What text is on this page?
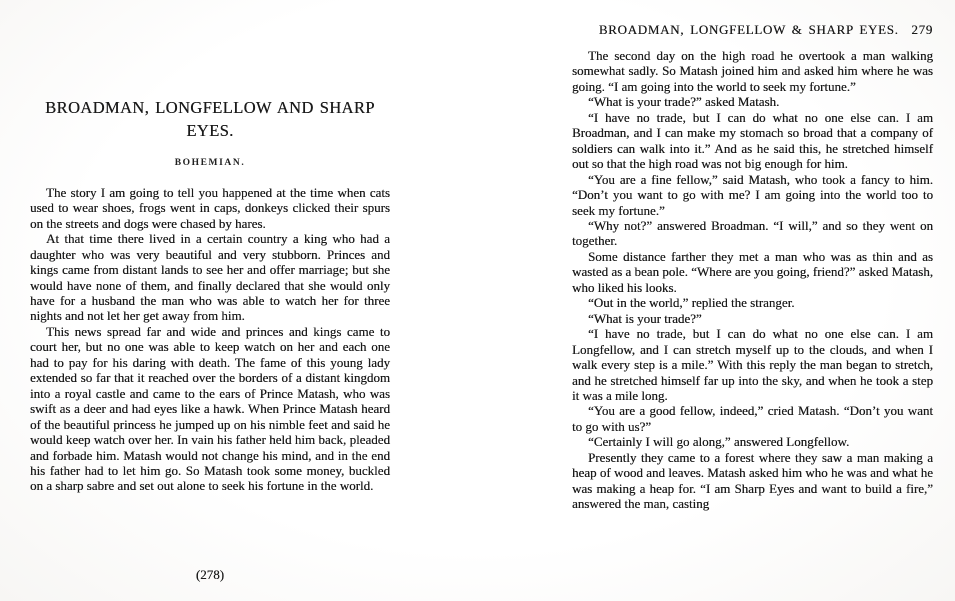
BROADMAN, LONGFELLOW AND SHARP EYES.
BOHEMIAN.

The story I am going to tell you happened at the time when cats used to wear shoes, frogs went in caps, donkeys clicked their spurs on the streets and dogs were chased by hares.

At that time there lived in a certain country a king who had a daughter who was very beautiful and very stubborn. Princes and kings came from distant lands to see her and offer marriage; but she would have none of them, and finally declared that she would only have for a husband the man who was able to watch her for three nights and not let her get away from him.

This news spread far and wide and princes and kings came to court her, but no one was able to keep watch on her and each one had to pay for his daring with death. The fame of this young lady extended so far that it reached over the borders of a distant kingdom into a royal castle and came to the ears of Prince Matash, who was swift as a deer and had eyes like a hawk. When Prince Matash heard of the beautiful princess he jumped up on his nimble feet and said he would keep watch over her. In vain his father held him back, pleaded and forbade him. Matash would not change his mind, and in the end his father had to let him go. So Matash took some money, buckled on a sharp sabre and set out alone to seek his fortune in the world.

(278)
BROADMAN, LONGFELLOW & SHARP EYES. 279

The second day on the high road he overtook a man walking somewhat sadly. So Matash joined him and asked him where he was going. “I am going into the world to seek my fortune.”

“What is your trade?” asked Matash.

“I have no trade, but I can do what no one else can. I am Broadman, and I can make my stomach so broad that a company of soldiers can walk into it.” And as he said this, he stretched himself out so that the high road was not big enough for him.

“You are a fine fellow,” said Matash, who took a fancy to him. “Don’t you want to go with me? I am going into the world too to seek my fortune.”

“Why not?” answered Broadman. “I will,” and so they went on together.

Some distance farther they met a man who was as thin and as wasted as a bean pole. “Where are you going, friend?” asked Matash, who liked his looks.

“Out in the world,” replied the stranger.

“What is your trade?”

“I have no trade, but I can do what no one else can. I am Longfellow, and I can stretch myself up to the clouds, and when I walk every step is a mile.” With this reply the man began to stretch, and he stretched himself far up into the sky, and when he took a step it was a mile long.

“You are a good fellow, indeed,” cried Matash. “Don’t you want to go with us?”

“Certainly I will go along,” answered Longfellow.

Presently they came to a forest where they saw a man making a heap of wood and leaves. Matash asked him who he was and what he was making a heap for. “I am Sharp Eyes and want to build a fire,” answered the man, casting
